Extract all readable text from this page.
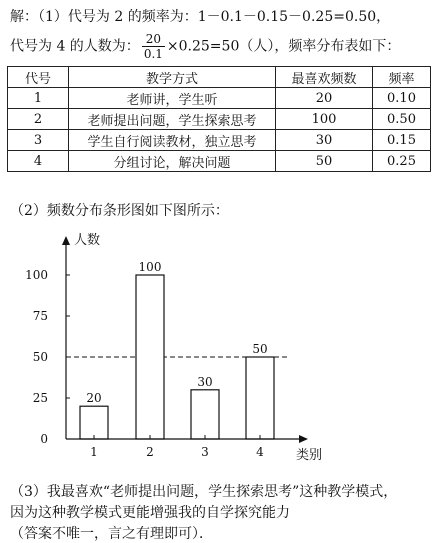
解：（1）代号为 2 的频率为：1－0.1－0.15－0.25=0.50，
代号为 4 的人数为： $\frac{20}{0.1} \times 0.25=50$（人），频率分布表如下：
代号	教学方式	最喜欢频数	频率
1	老师讲，学生听	20	0.10
2	老师提出问题，学生探索思考	100	0.50
3	学生自行阅读教材，独立思考	30	0.15
4	分组讨论，解决问题	50	0.25
（2）频数分布条形图如下图所示：
20
1
100
2
30
3
50
4
0
25
50
75
100
人数
类别
（3）我最喜欢“老师提出问题，学生探索思考”这种教学模式，
因为这种教学模式更能增强我的自学探究能力
（答案不唯一，言之有理即可）．
